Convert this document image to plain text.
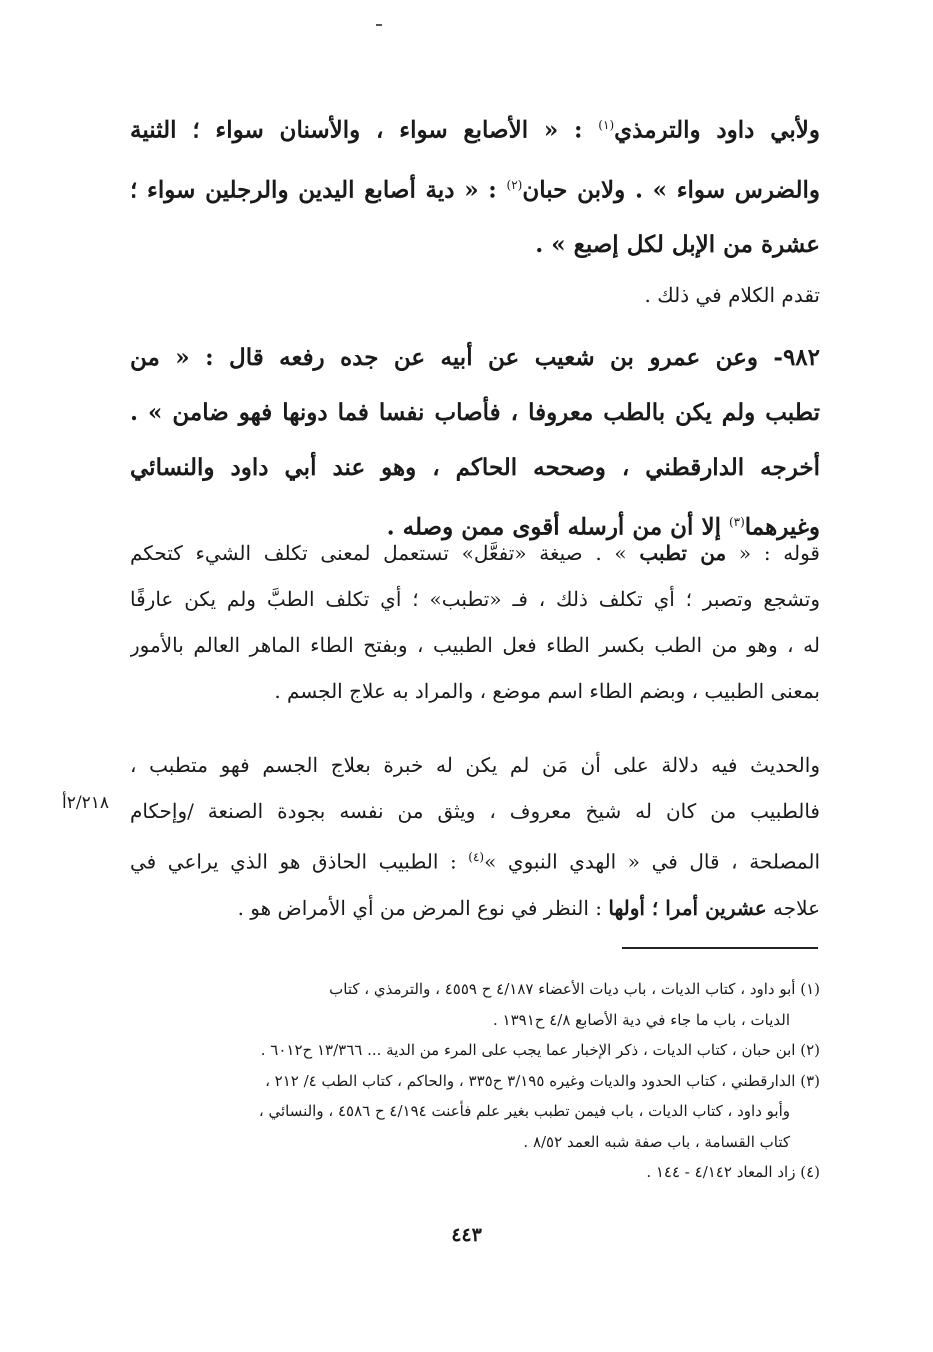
ولأبي داود والترمذي$^{(١)}$ : « الأصابع سواء ، والأسنان سواء ؛ الثنية
والضرس سواء » . ولابن حبان$^{(٢)}$ : « دية أصابع اليدين والرجلين سواء ؛
عشرة من الإبل لكل إصبع » .
تقدم الكلام في ذلك .
٩٨٢- وعن عمرو بن شعيب عن أبيه عن جده رفعه قال : « من
تطبب ولم يكن بالطب معروفا ، فأصاب نفسا فما دونها فهو ضامن » .
أخرجه الدارقطني ، وصححه الحاكم ، وهو عند أبي داود والنسائي
وغيرهما$^{(٣)}$ إلا أن من أرسله أقوى ممن وصله .
قوله : « من تطبب » . صيغة «تفعَّل» تستعمل لمعنى تكلف الشيء كتحكم
وتشجع وتصبر ؛ أي تكلف ذلك ، فـ «تطبب» ؛ أي تكلف الطبَّ ولم يكن عارفًا
له ، وهو من الطب بكسر الطاء فعل الطبيب ، وبفتح الطاء الماهر العالم بالأمور
بمعنى الطبيب ، وبضم الطاء اسم موضع ، والمراد به علاج الجسم .
والحديث فيه دلالة على أن مَن لم يكن له خبرة بعلاج الجسم فهو متطبب ،
فالطبيب من كان له شيخ معروف ، ويثق من نفسه بجودة الصنعة /وإحكام
المصلحة ، قال في « الهدي النبوي »$^{(٤)}$ : الطبيب الحاذق هو الذي يراعي في
علاجه عشرين أمرا ؛ أولها : النظر في نوع المرض من أي الأمراض هو .
٢/٢١٨أ
(١) أبو داود ، كتاب الديات ، باب ديات الأعضاء ٤/١٨٧ ح ٤٥٥٩ ، والترمذي ، كتاب
الديات ، باب ما جاء في دية الأصابع ٤/٨ ح١٣٩١ .
(٢) ابن حبان ، كتاب الديات ، ذكر الإخبار عما يجب على المرء من الدية ... ١٣/٣٦٦ ح٦٠١٢ .
(٣) الدارقطني ، كتاب الحدود والديات وغيره ٣/١٩٥ ح٣٣٥ ، والحاكم ، كتاب الطب ٤/ ٢١٢ ،
وأبو داود ، كتاب الديات ، باب فيمن تطبب بغير علم فأعنت ٤/١٩٤ ح ٤٥٨٦ ، والنسائي ،
كتاب القسامة ، باب صفة شبه العمد ٨/٥٢ .
(٤) زاد المعاد ٤/١٤٢ - ١٤٤ .
٤٤٣
